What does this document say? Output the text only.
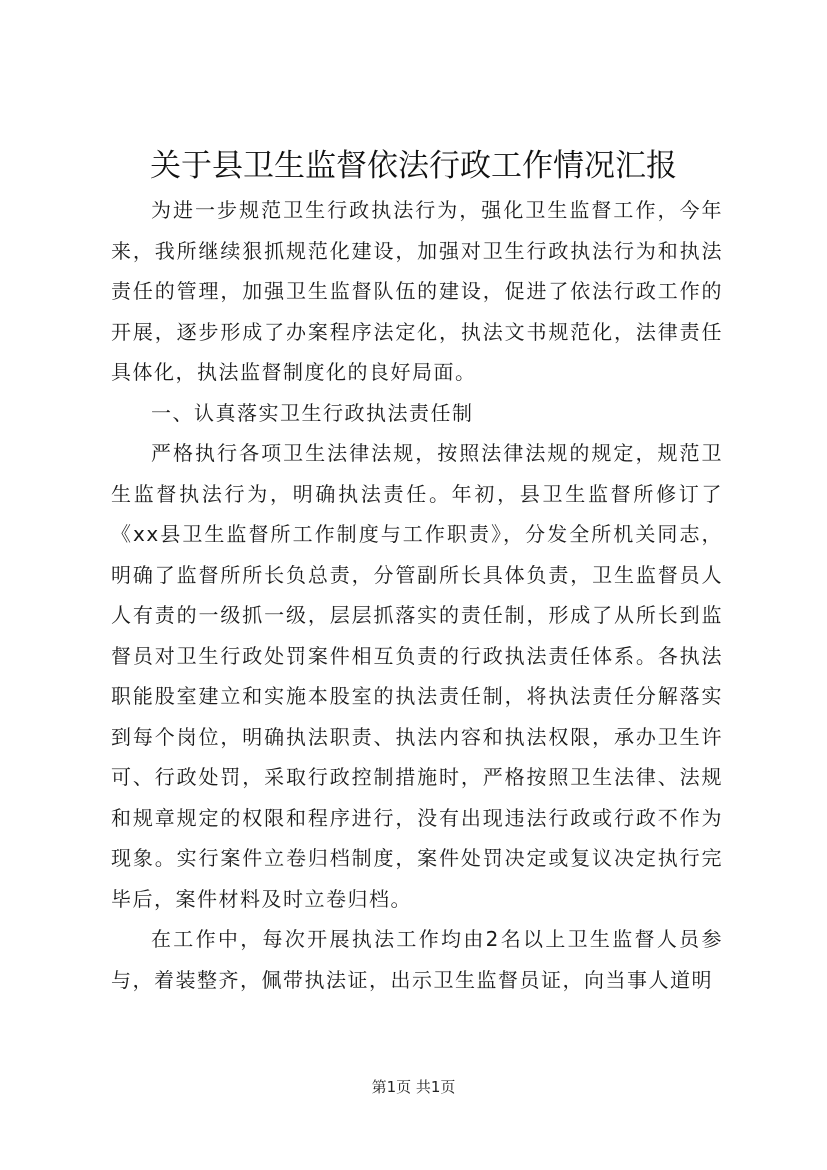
关于县卫生监督依法行政工作情况汇报

为进一步规范卫生行政执法行为，强化卫生监督工作，今年来，我所继续狠抓规范化建设，加强对卫生行政执法行为和执法责任的管理，加强卫生监督队伍的建设，促进了依法行政工作的开展，逐步形成了办案程序法定化，执法文书规范化，法律责任具体化，执法监督制度化的良好局面。

一、认真落实卫生行政执法责任制

严格执行各项卫生法律法规，按照法律法规的规定，规范卫生监督执法行为，明确执法责任。年初，县卫生监督所修订了《xx县卫生监督所工作制度与工作职责》，分发全所机关同志，明确了监督所所长负总责，分管副所长具体负责，卫生监督员人人有责的一级抓一级，层层抓落实的责任制，形成了从所长到监督员对卫生行政处罚案件相互负责的行政执法责任体系。各执法职能股室建立和实施本股室的执法责任制，将执法责任分解落实到每个岗位，明确执法职责、执法内容和执法权限，承办卫生许可、行政处罚，采取行政控制措施时，严格按照卫生法律、法规和规章规定的权限和程序进行，没有出现违法行政或行政不作为现象。实行案件立卷归档制度，案件处罚决定或复议决定执行完毕后，案件材料及时立卷归档。

在工作中，每次开展执法工作均由2名以上卫生监督人员参与，着装整齐，佩带执法证，出示卫生监督员证，向当事人道明

第1页 共1页
